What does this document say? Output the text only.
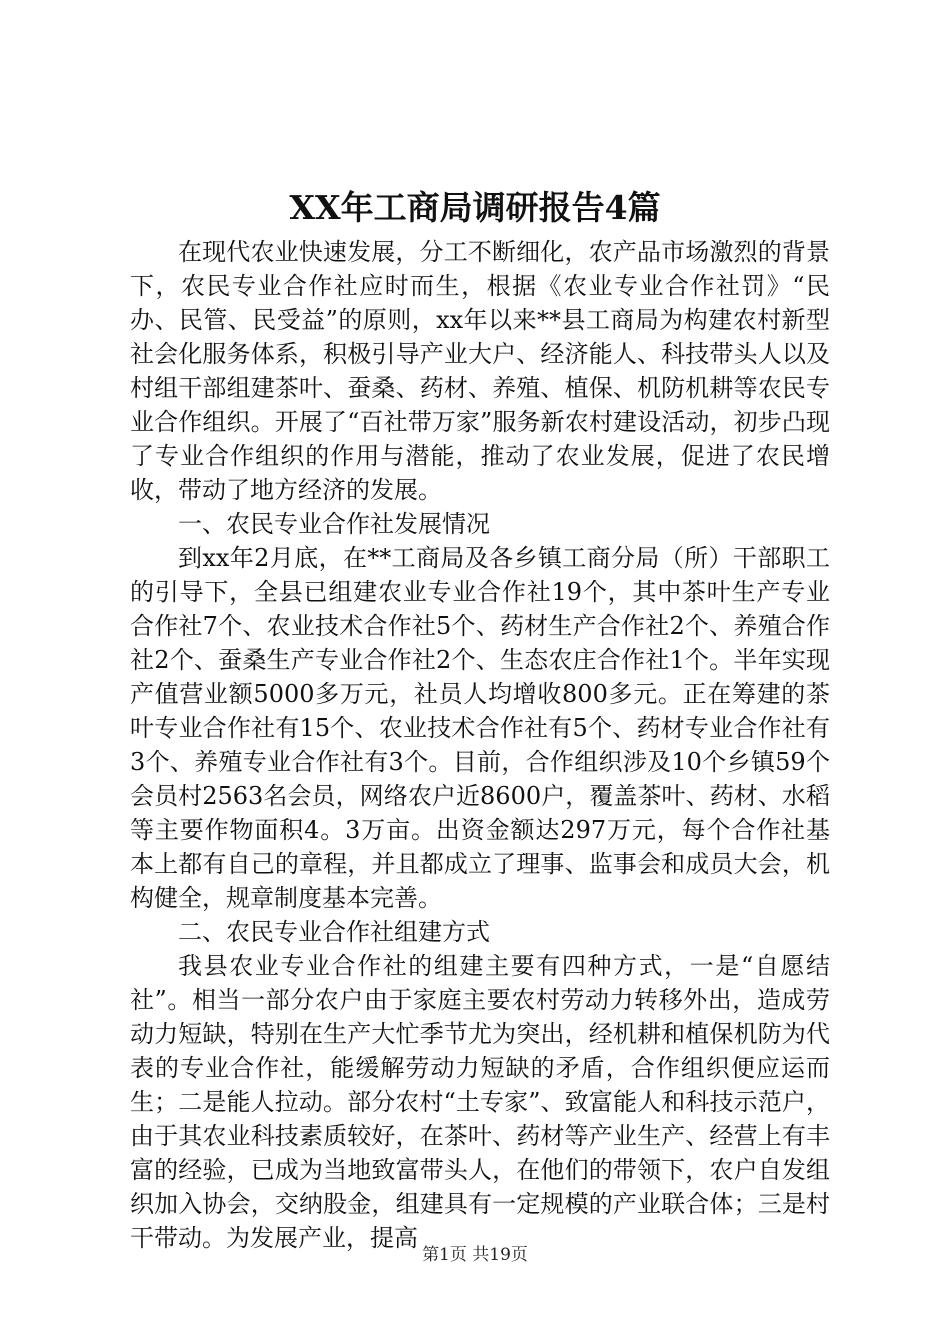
XX年工商局调研报告4篇

在现代农业快速发展，分工不断细化，农产品市场激烈的背景下，农民专业合作社应时而生，根据《农业专业合作社罚》“民办、民管、民受益”的原则，xx年以来**县工商局为构建农村新型社会化服务体系，积极引导产业大户、经济能人、科技带头人以及村组干部组建茶叶、蚕桑、药材、养殖、植保、机防机耕等农民专业合作组织。开展了“百社带万家”服务新农村建设活动，初步凸现了专业合作组织的作用与潜能，推动了农业发展，促进了农民增收，带动了地方经济的发展。

一、农民专业合作社发展情况

到xx年2月底，在**工商局及各乡镇工商分局（所）干部职工的引导下，全县已组建农业专业合作社19个，其中茶叶生产专业合作社7个、农业技术合作社5个、药材生产合作社2个、养殖合作社2个、蚕桑生产专业合作社2个、生态农庄合作社1个。半年实现产值营业额5000多万元，社员人均增收800多元。正在筹建的茶叶专业合作社有15个、农业技术合作社有5个、药材专业合作社有3个、养殖专业合作社有3个。目前，合作组织涉及10个乡镇59个会员村2563名会员，网络农户近8600户，覆盖茶叶、药材、水稻等主要作物面积4。3万亩。出资金额达297万元，每个合作社基本上都有自己的章程，并且都成立了理事、监事会和成员大会，机构健全，规章制度基本完善。

二、农民专业合作社组建方式

我县农业专业合作社的组建主要有四种方式，一是“自愿结社”。相当一部分农户由于家庭主要农村劳动力转移外出，造成劳动力短缺，特别在生产大忙季节尤为突出，经机耕和植保机防为代表的专业合作社，能缓解劳动力短缺的矛盾，合作组织便应运而生；二是能人拉动。部分农村“土专家”、致富能人和科技示范户，由于其农业科技素质较好，在茶叶、药材等产业生产、经营上有丰富的经验，已成为当地致富带头人，在他们的带领下，农户自发组织加入协会，交纳股金，组建具有一定规模的产业联合体；三是村干带动。为发展产业，提高

第1页 共19页
